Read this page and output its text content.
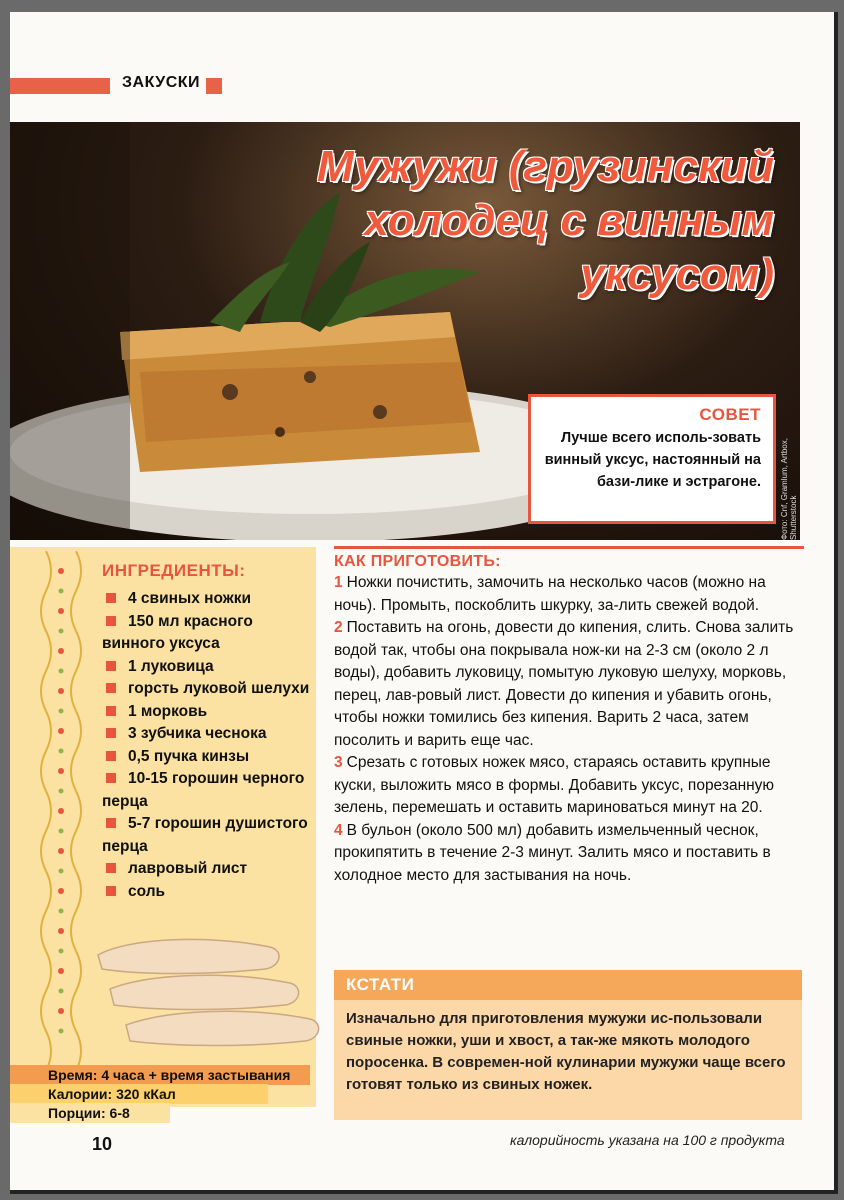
ЗАКУСКИ
Мужужи (грузинский холодец с винным уксусом)
Фото: Cnf, Gramlum, Artbox, Shutterstock
СОВЕТ
Лучше всего исполь-зовать винный уксус, настоянный на бази-лике и эстрагоне.
ИНГРЕДИЕНТЫ:
4 свиных ножки
150 мл красного винного уксуса
1 луковица
горсть луковой шелухи
1 морковь
3 зубчика чеснока
0,5 пучка кинзы
10-15 горошин черного перца
5-7 горошин душистого перца
лавровый лист
соль
Время: 4 часа + время застывания
Калории: 320 кКал
Порции: 6-8
КАК ПРИГОТОВИТЬ:

1 Ножки почистить, замочить на несколько часов (можно на ночь). Промыть, поскоблить шкурку, за-лить свежей водой.

2 Поставить на огонь, довести до кипения, слить. Снова залить водой так, чтобы она покрывала нож-ки на 2-3 см (около 2 л воды), добавить луковицу, помытую луковую шелуху, морковь, перец, лав-ровый лист. Довести до кипения и убавить огонь, чтобы ножки томились без кипения. Варить 2 часа, затем посолить и варить еще час.

3 Срезать с готовых ножек мясо, стараясь оставить крупные куски, выложить мясо в формы. Добавить уксус, порезанную зелень, перемешать и оставить мариноваться минут на 20.

4 В бульон (около 500 мл) добавить измельченный чеснок, прокипятить в течение 2-3 минут. Залить мясо и поставить в холодное место для застывания на ночь.

КСТАТИ
Изначально для приготовления мужужи ис-пользовали свиные ножки, уши и хвост, а так-же мякоть молодого поросенка. В современ-ной кулинарии мужужи чаще всего готовят только из свиных ножек.
10	калорийность указана на 100 г продукта
